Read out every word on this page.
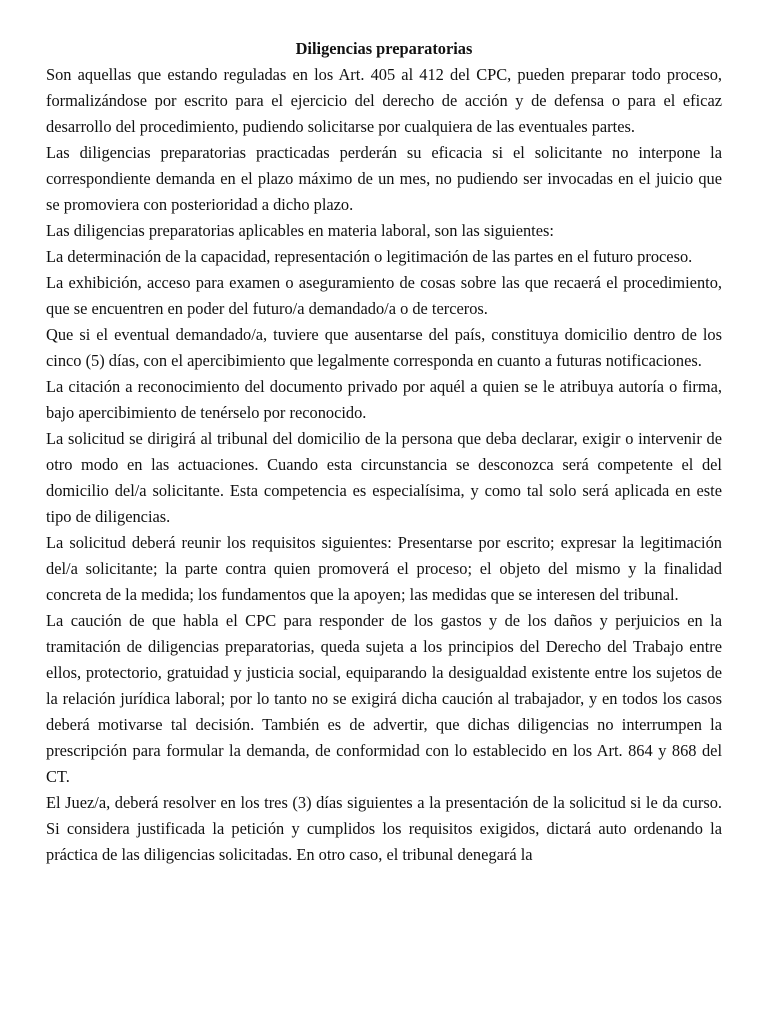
Diligencias preparatorias

Son aquellas que estando reguladas en los Art. 405 al 412 del CPC, pueden preparar todo proceso, formalizándose por escrito para el ejercicio del derecho de acción y de defensa o para el eficaz desarrollo del procedimiento, pudiendo solicitarse por cualquiera de las eventuales partes.

Las diligencias preparatorias practicadas perderán su eficacia si el solicitante no interpone la correspondiente demanda en el plazo máximo de un mes, no pudiendo ser invocadas en el juicio que se promoviera con posterioridad a dicho plazo.

Las diligencias preparatorias aplicables en materia laboral, son las siguientes:

La determinación de la capacidad, representación o legitimación de las partes en el futuro proceso.

La exhibición, acceso para examen o aseguramiento de cosas sobre las que recaerá el procedimiento, que se encuentren en poder del futuro/a demandado/a o de terceros.

Que si el eventual demandado/a, tuviere que ausentarse del país, constituya domicilio dentro de los cinco (5) días, con el apercibimiento que legalmente corresponda en cuanto a futuras notificaciones.

La citación a reconocimiento del documento privado por aquél a quien se le atribuya autoría o firma, bajo apercibimiento de tenérselo por reconocido.

La solicitud se dirigirá al tribunal del domicilio de la persona que deba declarar, exigir o intervenir de otro modo en las actuaciones. Cuando esta circunstancia se desconozca será competente el del domicilio del/a solicitante. Esta competencia es especialísima, y como tal solo será aplicada en este tipo de diligencias.

La solicitud deberá reunir los requisitos siguientes: Presentarse por escrito; expresar la legitimación del/a solicitante; la parte contra quien promoverá el proceso; el objeto del mismo y la finalidad concreta de la medida; los fundamentos que la apoyen; las medidas que se interesen del tribunal.

La caución de que habla el CPC para responder de los gastos y de los daños y perjuicios en la tramitación de diligencias preparatorias, queda sujeta a los principios del Derecho del Trabajo entre ellos, protectorio, gratuidad y justicia social, equiparando la desigualdad existente entre los sujetos de la relación jurídica laboral; por lo tanto no se exigirá dicha caución al trabajador, y en todos los casos deberá motivarse tal decisión. También es de advertir, que dichas diligencias no interrumpen la prescripción para formular la demanda, de conformidad con lo establecido en los Art. 864 y 868 del CT.

El Juez/a, deberá resolver en los tres (3) días siguientes a la presentación de la solicitud si le da curso. Si considera justificada la petición y cumplidos los requisitos exigidos, dictará auto ordenando la práctica de las diligencias solicitadas. En otro caso, el tribunal denegará la
